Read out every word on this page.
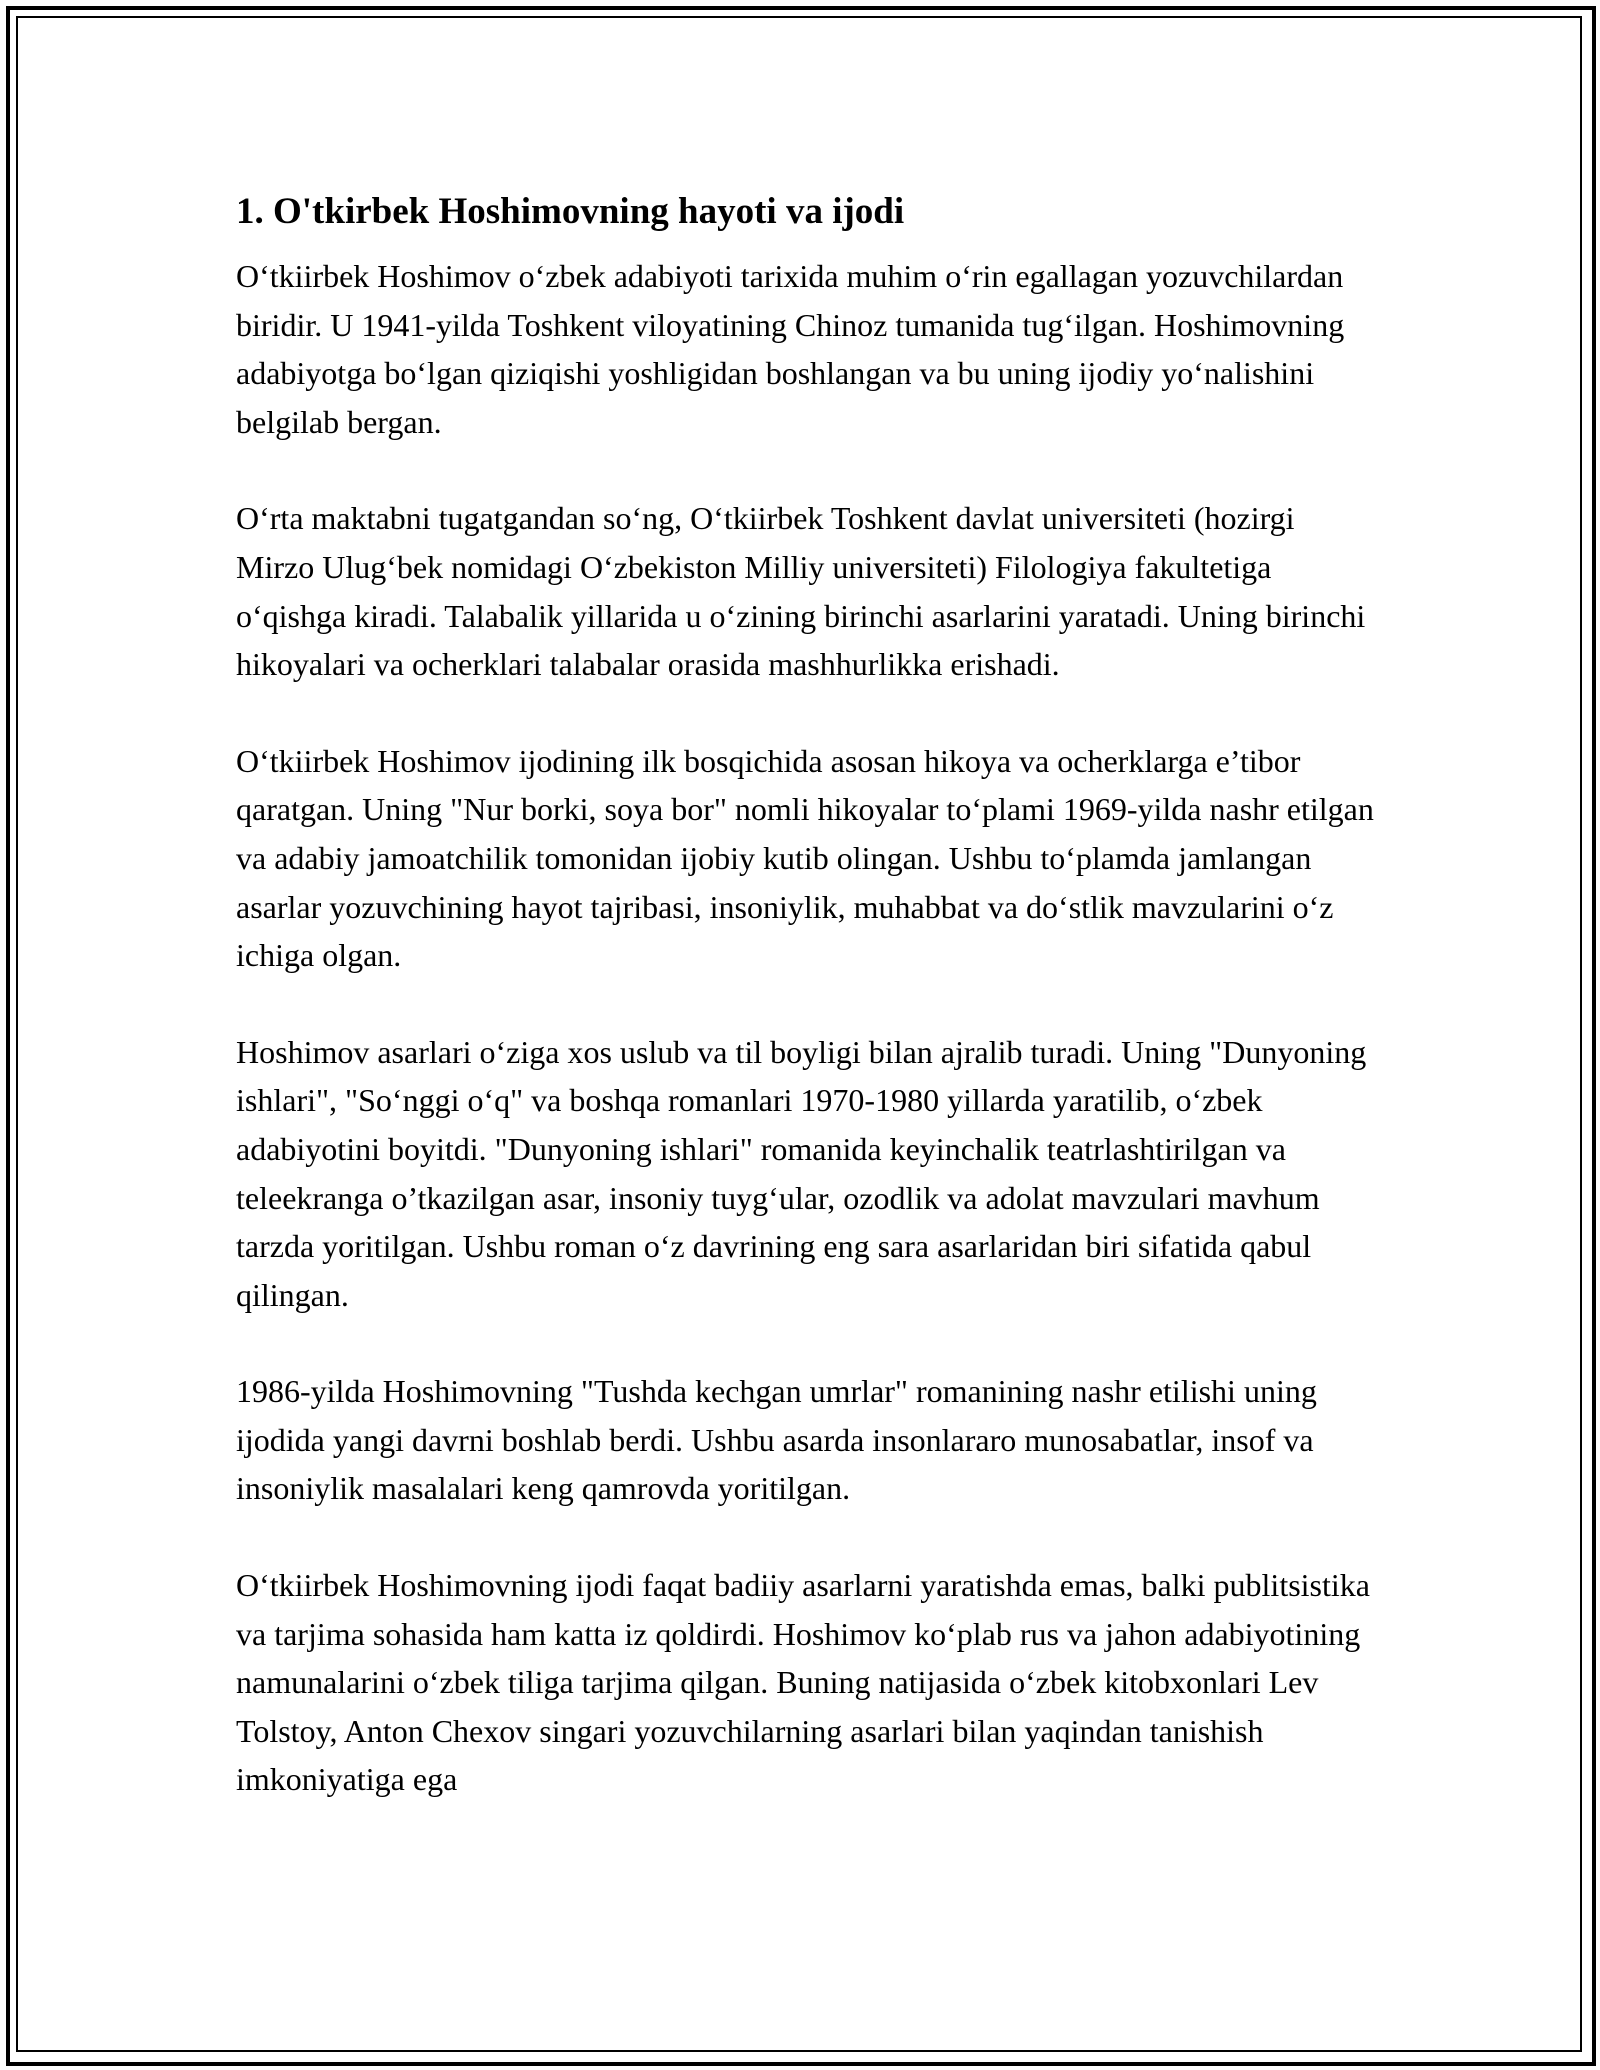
1. O'tkirbek Hoshimovning hayoti va ijodi

O‘tkiirbek Hoshimov o‘zbek adabiyoti tarixida muhim o‘rin egallagan yozuvchilardan biridir. U 1941-yilda Toshkent viloyatining Chinoz tumanida tug‘ilgan. Hoshimovning adabiyotga bo‘lgan qiziqishi yoshligidan boshlangan va bu uning ijodiy yo‘nalishini belgilab bergan.

O‘rta maktabni tugatgandan so‘ng, O‘tkiirbek Toshkent davlat universiteti (hozirgi Mirzo Ulug‘bek nomidagi O‘zbekiston Milliy universiteti) Filologiya fakultetiga o‘qishga kiradi. Talabalik yillarida u o‘zining birinchi asarlarini yaratadi. Uning birinchi hikoyalari va ocherklari talabalar orasida mashhurlikka erishadi.

O‘tkiirbek Hoshimov ijodining ilk bosqichida asosan hikoya va ocherklarga e’tibor qaratgan. Uning "Nur borki, soya bor" nomli hikoyalar to‘plami 1969-yilda nashr etilgan va adabiy jamoatchilik tomonidan ijobiy kutib olingan. Ushbu to‘plamda jamlangan asarlar yozuvchining hayot tajribasi, insoniylik, muhabbat va do‘stlik mavzularini o‘z ichiga olgan.

Hoshimov asarlari o‘ziga xos uslub va til boyligi bilan ajralib turadi. Uning "Dunyoning ishlari", "So‘nggi o‘q" va boshqa romanlari 1970-1980 yillarda yaratilib, o‘zbek adabiyotini boyitdi. "Dunyoning ishlari" romanida keyinchalik teatrlashtirilgan va teleekranga o’tkazilgan asar, insoniy tuyg‘ular, ozodlik va adolat mavzulari mavhum tarzda yoritilgan. Ushbu roman o‘z davrining eng sara asarlaridan biri sifatida qabul qilingan.

1986-yilda Hoshimovning "Tushda kechgan umrlar" romanining nashr etilishi uning ijodida yangi davrni boshlab berdi. Ushbu asarda insonlararo munosabatlar, insof va insoniylik masalalari keng qamrovda yoritilgan.

O‘tkiirbek Hoshimovning ijodi faqat badiiy asarlarni yaratishda emas, balki publitsistika va tarjima sohasida ham katta iz qoldirdi. Hoshimov ko‘plab rus va jahon adabiyotining namunalarini o‘zbek tiliga tarjima qilgan. Buning natijasida o‘zbek kitobxonlari Lev Tolstoy, Anton Chexov singari yozuvchilarning asarlari bilan yaqindan tanishish imkoniyatiga ega
